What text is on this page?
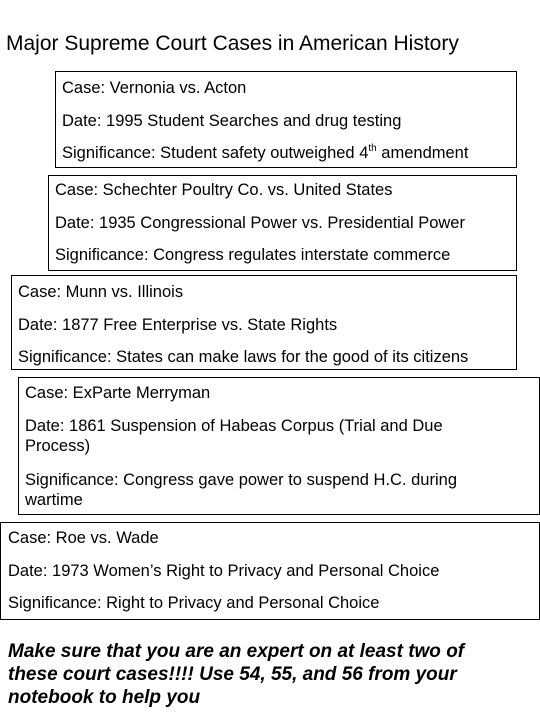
Major Supreme Court Cases in American History
Case: Vernonia vs. Acton
Date: 1995 Student Searches and drug testing
Significance: Student safety outweighed 4th amendment
Case: Schechter Poultry Co. vs. United States
Date: 1935 Congressional Power vs. Presidential Power
Significance: Congress regulates interstate commerce
Case: Munn vs. Illinois
Date: 1877 Free Enterprise vs. State Rights
Significance: States can make laws for the good of its citizens
Case: ExParte Merryman
Date: 1861 Suspension of Habeas Corpus (Trial and Due Process)
Significance: Congress gave power to suspend H.C. during wartime
Case: Roe vs. Wade
Date: 1973 Women’s Right to Privacy and Personal Choice
Significance: Right to Privacy and Personal Choice
Make sure that you are an expert on at least two of these court cases!!!! Use 54, 55, and 56 from your notebook to help you
